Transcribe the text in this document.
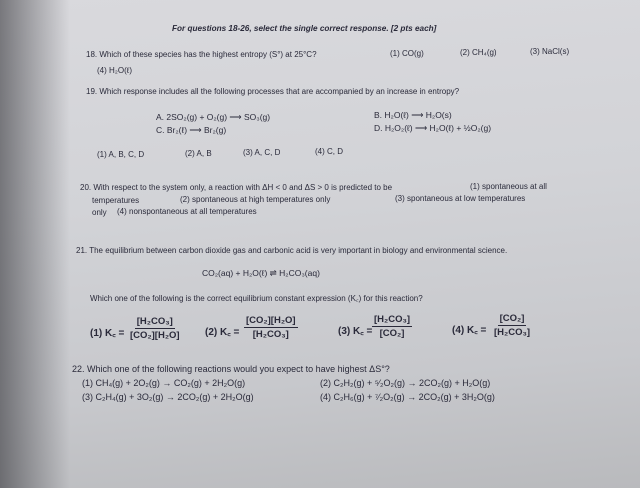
For questions 18-26, select the single correct response. [2 pts each]
18. Which of these species has the highest entropy (S°) at 25°C?	(1) CO(g)	(2) CH₄(g)	(3) NaCl(s)
(4) H₂O(ℓ)
19. Which response includes all the following processes that are accompanied by an increase in entropy?
A. 2SO₂(g) + O₂(g) ⟶ SO₃(g)	B. H₂O(ℓ) ⟶ H₂O(s)
C. Br₂(ℓ) ⟶ Br₂(g)	D. H₂O₂(ℓ) ⟶ H₂O(ℓ) + ½O₂(g)
(1) A, B, C, D	(2) A, B	(3) A, C, D	(4) C, D
20. With respect to the system only, a reaction with ΔH < 0 and ΔS > 0 is predicted to be	(1) spontaneous at all
temperatures	(2) spontaneous at high temperatures only	(3) spontaneous at low temperatures
only (4) nonspontaneous at all temperatures
21. The equilibrium between carbon dioxide gas and carbonic acid is very important in biology and environmental science.
CO₂(aq) + H₂O(ℓ) ⇌ H₂CO₃(aq)
Which one of the following is the correct equilibrium constant expression (K꜀) for this reaction?
(1) K꜀ = $\frac{\text{[H₂CO₃]}}{\text{[CO₂][H₂O]}} (2)$ K꜀ = $\frac{\text{[CO₂][H₂O]}}{\text{[H₂CO₃]}}$	(3) K꜀ = $\frac{\text{[H₂CO₃]}}{\text{[CO₂]}}$	(4) K꜀ = $\frac{\text{[CO₂]}}{\text{[H₂CO₃]}}$
22. Which one of the following reactions would you expect to have highest ΔS°?
(1) CH₄(g) + 2O₂(g) → CO₂(g) + 2H₂O(g)	(2) C₂H₂(g) + ⁵⁄₂O₂(g) → 2CO₂(g) + H₂O(g)
(3) C₂H₄(g) + 3O₂(g) → 2CO₂(g) + 2H₂O(g)	(4) C₂H₆(g) + ⁷⁄₂O₂(g) → 2CO₂(g) + 3H₂O(g)
